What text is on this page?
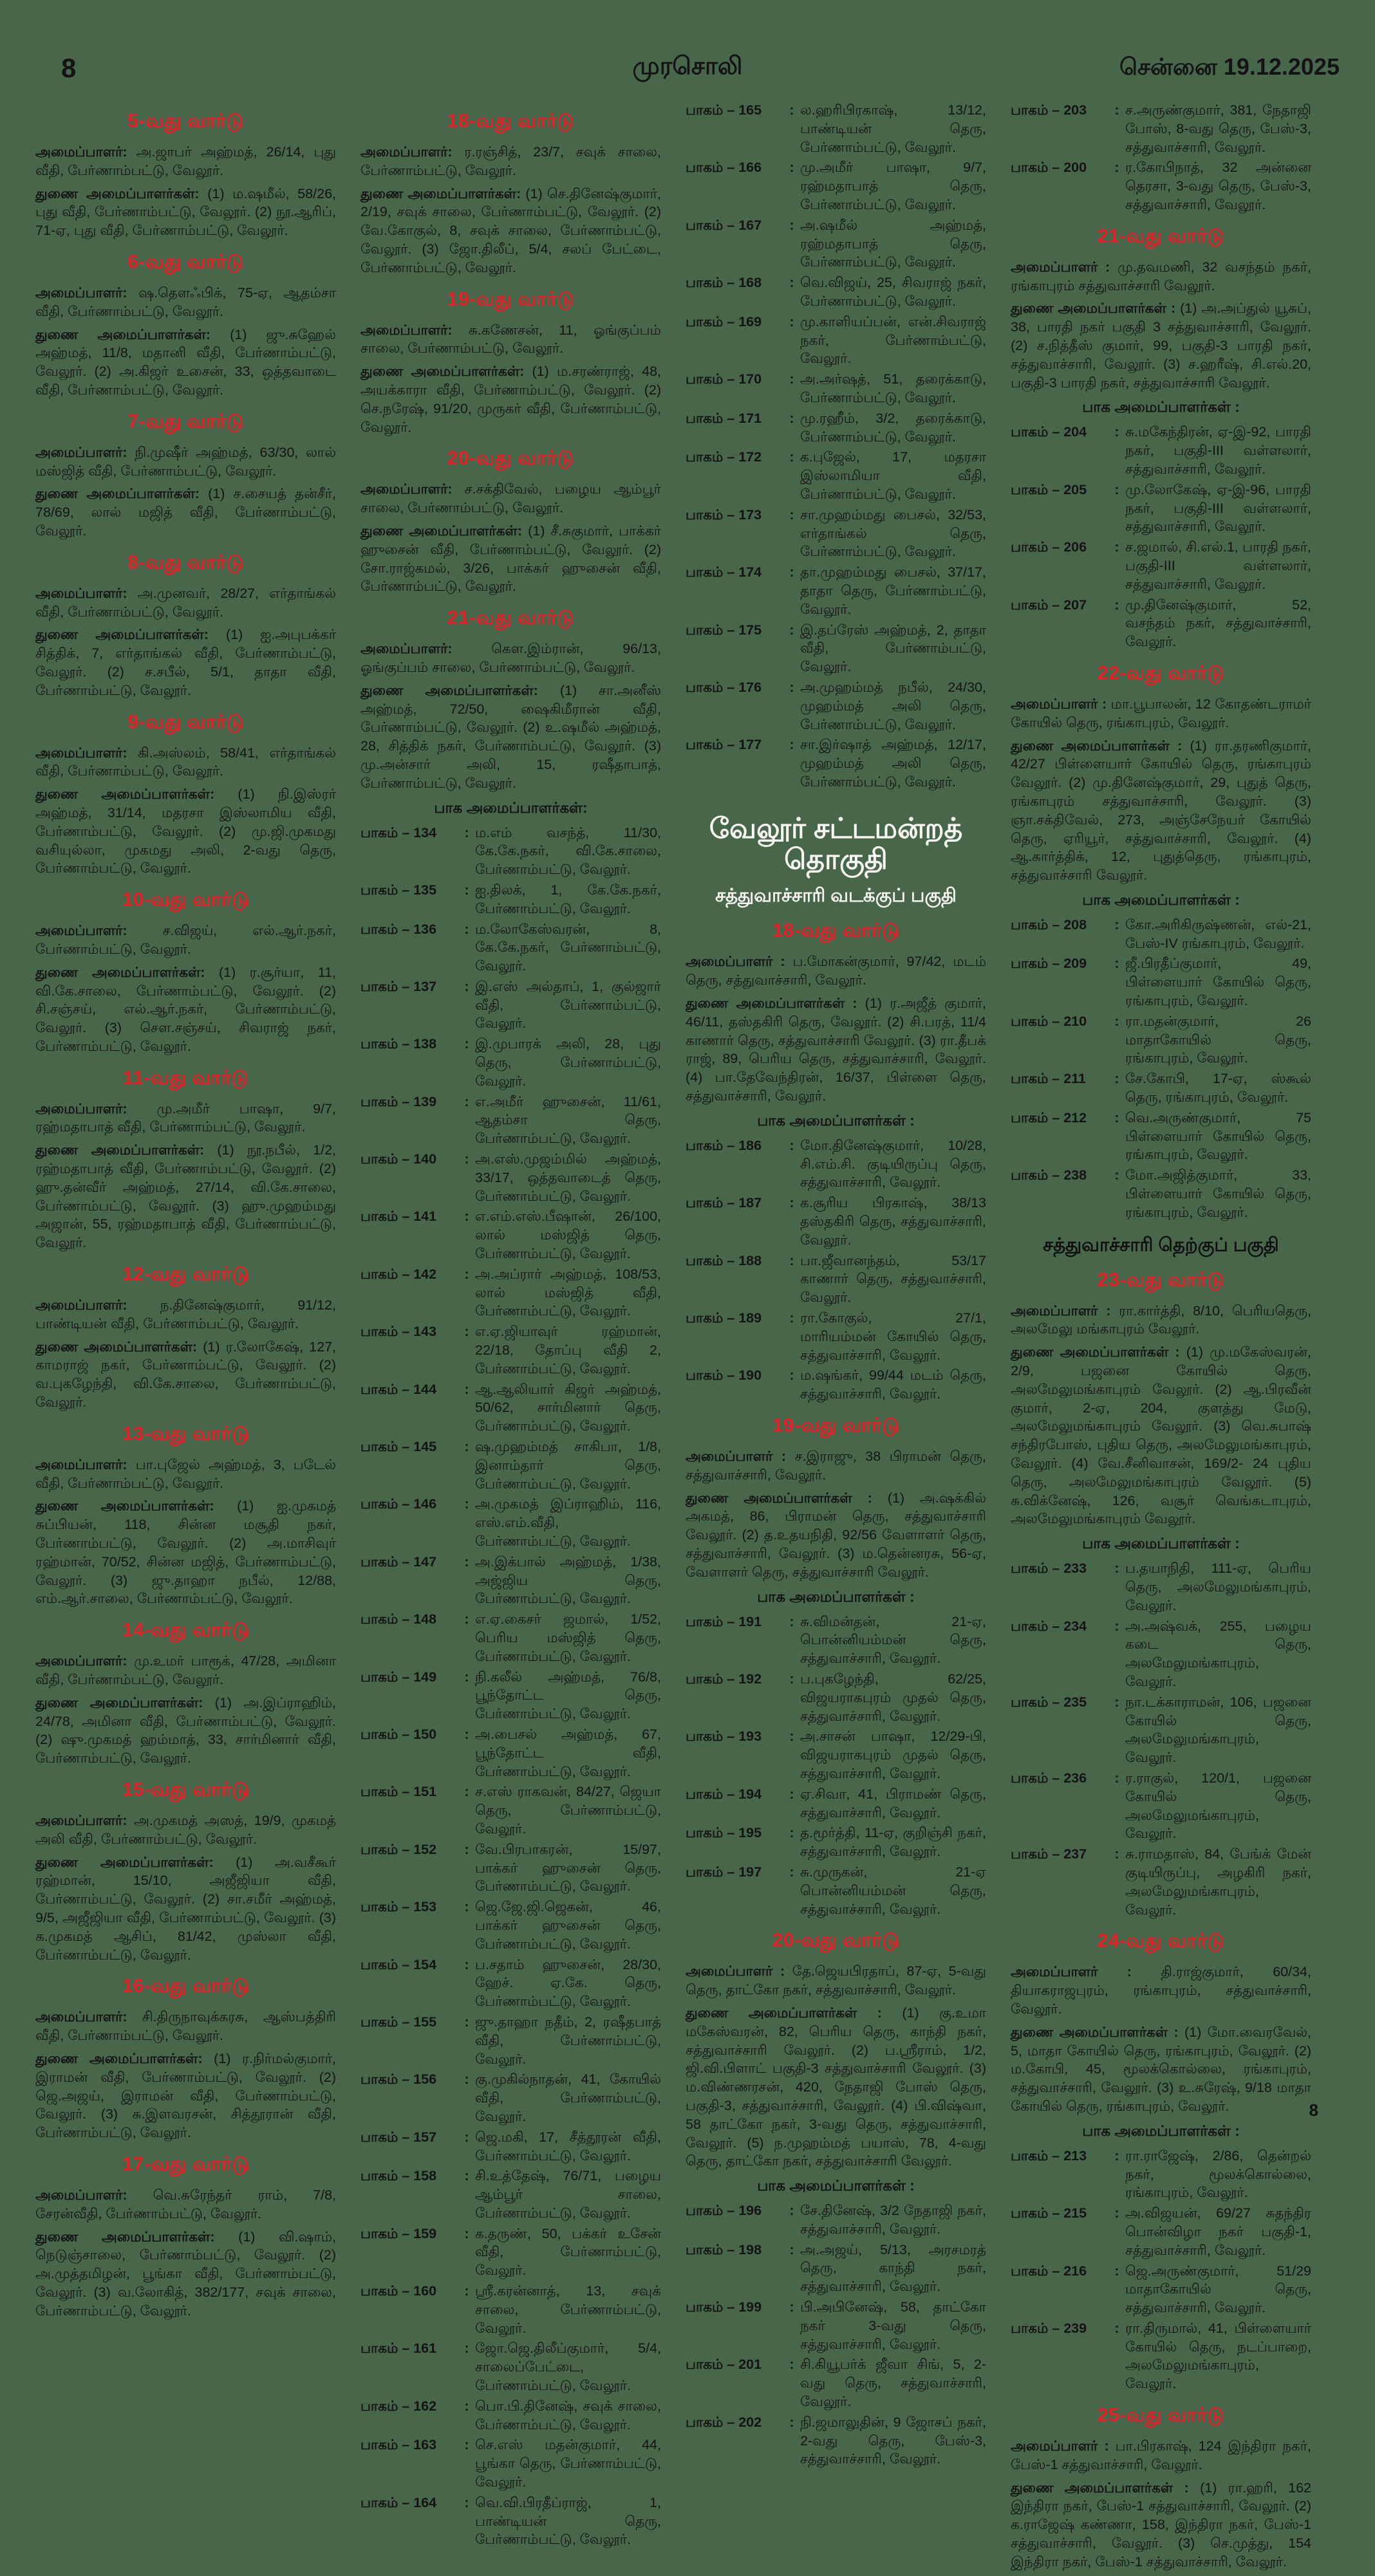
8	முரசொலி	சென்னை 19.12.2025
5-வது வார்டு

அமைப்பாளர்: அ.ஜாபர் அஹ்மத், 26/14, புது வீதி, பேர்ணாம்பட்டு, வேலூர்.

துணை அமைப்பாளர்கள்: (1) ம.ஷமீல், 58/26, புது வீதி, பேர்ணாம்பட்டு, வேலூர். (2) நூ.ஆரிப், 71-ஏ, புது வீதி, பேர்ணாம்பட்டு, வேலூர்.

6-வது வார்டு

அமைப்பாளர்: ஷ.தௌஃபிக், 75-ஏ, ஆதம்சா வீதி, பேர்ணாம்பட்டு, வேலூர்.

துணை அமைப்பாளர்கள்: (1) ஜு.சுஹேல் அஹ்மத், 11/8, மதானி வீதி, பேர்ணாம்பட்டு, வேலூர். (2) அ.கிஜர் உசைன், 33, ஒத்தவாடை வீதி, பேர்ணாம்பட்டு, வேலூர்.

7-வது வார்டு

அமைப்பாளர்: நி.முஷீர் அஹ்மத், 63/30, லால் மஸ்ஜித் வீதி, பேர்ணாம்பட்டு, வேலூர்.

துணை அமைப்பாளர்கள்: (1) ச.சையத் தன்சீர், 78/69, லால் மஜித் வீதி, பேர்ணாம்பட்டு, வேலூர்.

8-வது வார்டு

அமைப்பாளர்: அ.முனவர், 28/27, எர்தாங்கல் வீதி, பேர்ணாம்பட்டு, வேலூர்.

துணை அமைப்பாளர்கள்: (1) ஐ.அபுபக்கர் சித்திக், 7, எர்தாங்கல் வீதி, பேர்ணாம்பட்டு, வேலூர். (2) ச.சபீல், 5/1, தாதா வீதி, பேர்ணாம்பட்டு, வேலூர்.

9-வது வார்டு

அமைப்பாளர்: கி.அஸ்லம், 58/41, எர்தாங்கல் வீதி, பேர்ணாம்பட்டு, வேலூர்.

துணை அமைப்பாளர்கள்: (1) நி.இஸ்ரர் அஹ்மத், 31/14, மதரசா இஸ்லாமிய வீதி, பேர்ணாம்பட்டு, வேலூர். (2) மு.ஜி.முகமது வசியுல்லா, முகமது அலி, 2-வது தெரு, பேர்ணாம்பட்டு, வேலூர்.

10-வது வார்டு

அமைப்பாளர்: ச.விஜய், எல்.ஆர்.நகர், பேர்ணாம்பட்டு, வேலூர்.

துணை அமைப்பாளர்கள்: (1) ர.சூர்யா, 11, வி.கே.சாலை, பேர்ணாம்பட்டு, வேலூர். (2) சி.சஞ்சய், எல்.ஆர்.நகர், பேர்ணாம்பட்டு, வேலூர். (3) செள.சஞ்சய், சிவராஜ் நகர், பேர்ணாம்பட்டு, வேலூர்.

11-வது வார்டு

அமைப்பாளர்: மு.அமீர் பாஷா, 9/7, ரஹ்மதாபாத் வீதி, பேர்ணாம்பட்டு, வேலூர்.

துணை அமைப்பாளர்கள்: (1) நூ.நபீல், 1/2, ரஹ்மதாபாத் வீதி, பேர்ணாம்பட்டு, வேலூர். (2) ஹு.தன்வீர் அஹ்மத், 27/14, வி.கே.சாலை, பேர்ணாம்பட்டு, வேலூர். (3) ஹு.முஹம்மது அஜான், 55, ரஹ்மதாபாத் வீதி, பேர்ணாம்பட்டு, வேலூர்.

12-வது வார்டு

அமைப்பாளர்: ந.தினேஷ்குமார், 91/12, பாண்டியன் வீதி, பேர்ணாம்பட்டு, வேலூர்.

துணை அமைப்பாளர்கள்: (1) ர.லோகேஷ், 127, காமராஜ் நகர், பேர்ணாம்பட்டு, வேலூர். (2) வ.புகழேந்தி, வி.கே.சாலை, பேர்ணாம்பட்டு, வேலூர்.

13-வது வார்டு

அமைப்பாளர்: பா.புஜேல் அஹ்மத், 3, படேல் வீதி, பேர்ணாம்பட்டு, வேலூர்.

துணை அமைப்பாளர்கள்: (1) ஐ.முகமத் சுப்பியன், 118, சின்ன மசூதி நகர், பேர்ணாம்பட்டு, வேலூர். (2) அ.மாசிவுர் ரஹ்மான், 70/52, சின்ன மஜித், பேர்ணாம்பட்டு, வேலூர். (3) ஜு.தாஹா நபீல், 12/88, எம்.ஆர்.சாலை, பேர்ணாம்பட்டு, வேலூர்.

14-வது வார்டு

அமைப்பாளர்: மு.உமர் பாரூக், 47/28, அமினா வீதி, பேர்ணாம்பட்டு, வேலூர்.

துணை அமைப்பாளர்கள்: (1) அ.இப்ராஹிம், 24/78, அமினா வீதி, பேர்ணாம்பட்டு, வேலூர். (2) ஷு.முகமத் ஹம்மாத், 33, சார்மினார் வீதி, பேர்ணாம்பட்டு, வேலூர்.

15-வது வார்டு

அமைப்பாளர்: அ.முகமத் அஸத், 19/9, முகமத் அலி வீதி, பேர்ணாம்பட்டு, வேலூர்.

துணை அமைப்பாளர்கள்: (1) அ.வசீகூர் ரஹ்மான், 15/10, அஜீஜியா வீதி, பேர்ணாம்பட்டு, வேலூர். (2) சா.சமீர் அஹ்மத், 9/5, அஜீஜியா வீதி, பேர்ணாம்பட்டு, வேலூர். (3) க.முகமத் ஆசிப், 81/42, முஸ்லா வீதி, பேர்ணாம்பட்டு, வேலூர்.

16-வது வார்டு

அமைப்பாளர்: சி.திருநாவுக்கரசு, ஆஸ்பத்திரி வீதி, பேர்ணாம்பட்டு, வேலூர்.

துணை அமைப்பாளர்கள்: (1) ர.நிர்மல்குமார், இராமன் வீதி, பேர்ணாம்பட்டு, வேலூர். (2) ஜெ.அஜய், இராமன் வீதி, பேர்ணாம்பட்டு, வேலூர். (3) சு.இளவரசன், சித்தூரான் வீதி, பேர்ணாம்பட்டு, வேலூர்.

17-வது வார்டு

அமைப்பாளர்: வெ.சுரேந்தர் ராம், 7/8, சேரன்வீதி, பேர்ணாம்பட்டு, வேலூர்.

துணை அமைப்பாளர்கள்: (1) வி.ஷாம், நெடுஞ்சாலை, பேர்ணாம்பட்டு, வேலூர். (2) அ.முத்தமிழன், பூங்கா வீதி, பேர்ணாம்பட்டு, வேலூர். (3) வ.லோகித், 382/177, சவுக் சாலை, பேர்ணாம்பட்டு, வேலூர்.

18-வது வார்டு

அமைப்பாளர்: ர.ரஞ்சித், 23/7, சவுக் சாலை, பேர்ணாம்பட்டு, வேலூர்.

துணை அமைப்பாளர்கள்: (1) செ.தினேஷ்குமார், 2/19, சவுக் சாலை, பேர்ணாம்பட்டு, வேலூர். (2) வே.கோகுல், 8, சவுக் சாலை, பேர்ணாம்பட்டு, வேலூர். (3) ஜோ.திலீப், 5/4, சலப் பேட்டை, பேர்ணாம்பட்டு, வேலூர்.

19-வது வார்டு

அமைப்பாளர்: சு.கணேசன், 11, ஓங்குப்பம் சாலை, பேர்ணாம்பட்டு, வேலூர்.

துணை அமைப்பாளர்கள்: (1) ம.சரண்ராஜ், 48, அயக்காரா வீதி, பேர்ணாம்பட்டு, வேலூர். (2) செ.நரேஷ், 91/20, முருகர் வீதி, பேர்ணாம்பட்டு, வேலூர்.

20-வது வார்டு

அமைப்பாளர்: ச.சக்திவேல், பழைய ஆம்பூர் சாலை, பேர்ணாம்பட்டு, வேலூர்.

துணை அமைப்பாளர்கள்: (1) சீ.சுகுமார், பாக்கர் ஹுசைன் வீதி, பேர்ணாம்பட்டு, வேலூர். (2) சோ.ராஜ்கமல், 3/26, பாக்கர் ஹுசைன் வீதி, பேர்ணாம்பட்டு, வேலூர்.

21-வது வார்டு

அமைப்பாளர்: கௌ.இம்ரான், 96/13, ஓங்குப்பம் சாலை, பேர்ணாம்பட்டு, வேலூர்.

துணை அமைப்பாளர்கள்: (1) சா.அனீஸ் அஹ்மத், 72/50, ஷைகிமீரான் வீதி, பேர்ணாம்பட்டு, வேலூர். (2) உ.ஷமீல் அஹ்மத், 28, சித்திக் நகர், பேர்ணாம்பட்டு, வேலூர். (3) மு.அன்சார் அலி, 15, ரஷீதாபாத், பேர்ணாம்பட்டு, வேலூர்.

பாக அமைப்பாளர்கள்:
பாகம் – 134	: ம.எம் வசந்த், 11/30, கே.கே.நகர், வி.கே.சாலை, பேர்ணாம்பட்டு, வேலூர்.
பாகம் – 135	: ஐ.திலக், 1, கே.கே.நகர், பேர்ணாம்பட்டு, வேலூர்.
பாகம் – 136	: ம.லோகேஸ்வரன், 8, கே.கே.நகர், பேர்ணாம்பட்டு, வேலூர்.
பாகம் – 137	: இ.எஸ் அல்தாப், 1, குல்ஜார் வீதி, பேர்ணாம்பட்டு, வேலூர்.
பாகம் – 138	: இ.முபாரக் அலி, 28, புது தெரு, பேர்ணாம்பட்டு, வேலூர்.
பாகம் – 139	: எ.அமீர் ஹுசைன், 11/61, ஆதம்சா தெரு, பேர்ணாம்பட்டு, வேலூர்.
பாகம் – 140	: அ.எஸ்.முஜம்மில் அஹ்மத், 33/17, ஒத்தவாடைத் தெரு, பேர்ணாம்பட்டு, வேலூர்.
பாகம் – 141	: எ.எம்.எஸ்.பீஷான், 26/100, லால் மஸ்ஜித் தெரு, பேர்ணாம்பட்டு, வேலூர்.
பாகம் – 142	: அ.அப்ரார் அஹ்மத், 108/53, லால் மஸ்ஜித் வீதி, பேர்ணாம்பட்டு, வேலூர்.
பாகம் – 143	: எ.ஏ.ஜியாவுர் ரஹ்மான், 22/18, தோப்பு வீதி 2, பேர்ணாம்பட்டு, வேலூர்.
பாகம் – 144	: ஆ.ஆலியார் கிஜர் அஹ்மத், 50/62, சார்மினார் தெரு, பேர்ணாம்பட்டு, வேலூர்.
பாகம் – 145	: ஷ.முஹம்மத் சாகிபா, 1/8, இனாம்தார் தெரு, பேர்ணாம்பட்டு, வேலூர்.
பாகம் – 146	: அ.முகமத் இப்ராஹிம், 116, எஸ்.எம்.வீதி, பேர்ணாம்பட்டு, வேலூர்.
பாகம் – 147	: அ.இக்பால் அஹ்மத், 1/38, அஜ்ஜிய தெரு, பேர்ணாம்பட்டு, வேலூர்.
பாகம் – 148	: எ.ஏ.கைசர் ஜமால், 1/52, பெரிய மஸ்ஜித் தெரு, பேர்ணாம்பட்டு, வேலூர்.
பாகம் – 149	: நி.கலீல் அஹ்மத், 76/8, பூந்தோட்ட தெரு, பேர்ணாம்பட்டு, வேலூர்.
பாகம் – 150	: அ.பைசல் அஹ்மத், 67, பூந்தோட்ட வீதி, பேர்ணாம்பட்டு, வேலூர்.
பாகம் – 151	: ச.எஸ் ராகவன், 84/27, ஜெயா தெரு, பேர்ணாம்பட்டு, வேலூர்.
பாகம் – 152	: வே.பிரபாகரன், 15/97, பாக்கர் ஹுசைன் தெரு, பேர்ணாம்பட்டு, வேலூர்.
பாகம் – 153	: ஜெ.ஜே.ஜி.ஜெகன், 46, பாக்கர் ஹுசைன் தெரு, பேர்ணாம்பட்டு, வேலூர்.
பாகம் – 154	: ப.சதாம் ஹுசைன், 28/30, ஹேச். ஏ.கே. தெரு, பேர்ணாம்பட்டு, வேலூர்.
பாகம் – 155	: ஜு.தாஹா நதீம், 2, ரஷீதபாத் வீதி, பேர்ணாம்பட்டு, வேலூர்.
பாகம் – 156	: கு.முகில்நாதன், 41, கோயில் வீதி, பேர்ணாம்பட்டு, வேலூர்.
பாகம் – 157	: ஜெ.மகி, 17, சீத்தூரன் வீதி, பேர்ணாம்பட்டு, வேலூர்.
பாகம் – 158	: சி.உத்தேஷ், 76/71, பழைய ஆம்பூர் சாலை, பேர்ணாம்பட்டு, வேலூர்.
பாகம் – 159	: க.தருண், 50, பக்கர் உசேன் வீதி, பேர்ணாம்பட்டு, வேலூர்.
பாகம் – 160	: ஸ்ரீ.கரன்னாத், 13, சவுக் சாலை, பேர்ணாம்பட்டு, வேலூர்.
பாகம் – 161	: ஜோ.ஜெ.திலீப்குமார், 5/4, சாலைப்பேட்டை, பேர்ணாம்பட்டு, வேலூர்.
பாகம் – 162	: பொ.பி.தினேஷ், சவுக் சாலை, பேர்ணாம்பட்டு, வேலூர்.
பாகம் – 163	: செ.எஸ் மதன்குமார், 44, பூங்கா தெரு, பேர்ணாம்பட்டு, வேலூர்.
பாகம் – 164	: வெ.வி.பிரதீப்ராஜ், 1, பாண்டியன் தெரு, பேர்ணாம்பட்டு, வேலூர்.
பாகம் – 165	: ல.ஹரிபிரகாஷ், 13/12, பாண்டியன் தெரு, பேர்ணாம்பட்டு, வேலூர்.
பாகம் – 166	: மு.அமீர் பாஷா, 9/7, ரஹ்மதாபாத் தெரு, பேர்ணாம்பட்டு, வேலூர்.
பாகம் – 167	: அ.ஷமீல் அஹ்மத், ரஹ்மதாபாத் தெரு, பேர்ணாம்பட்டு, வேலூர்.
பாகம் – 168	: வெ.விஜய், 25, சிவராஜ் நகர், பேர்ணாம்பட்டு, வேலூர்.
பாகம் – 169	: மு.காளியப்பன், என்.சிவராஜ் நகர், பேர்ணாம்பட்டு, வேலூர்.
பாகம் – 170	: அ.அர்ஷத், 51, தரைக்காடு, பேர்ணாம்பட்டு, வேலூர்.
பாகம் – 171	: மு.ரஹீம், 3/2, தரைக்காடு, பேர்ணாம்பட்டு, வேலூர்.
பாகம் – 172	: க.புஜேல், 17, மதரசா இஸ்லாமியா வீதி, பேர்ணாம்பட்டு, வேலூர்.
பாகம் – 173	: சா.முஹம்மது பைசல், 32/53, எர்தாங்கல் தெரு, பேர்ணாம்பட்டு, வேலூர்.
பாகம் – 174	: தா.முஹம்மது பைசல், 37/17, தாதா தெரு, பேர்ணாம்பட்டு, வேலூர்.
பாகம் – 175	: இ.தப்ரேஸ் அஹ்மத், 2, தாதா வீதி, பேர்ணாம்பட்டு, வேலூர்.
பாகம் – 176	: அ.முஹம்மத் நபீல், 24/30, முஹம்மத் அலி தெரு, பேர்ணாம்பட்டு, வேலூர்.
பாகம் – 177	: சா.இர்ஷாத் அஹ்மத், 12/17, முஹம்மத் அலி தெரு, பேர்ணாம்பட்டு, வேலூர்.
வேலூர் சட்டமன்றத் தொகுதி
சத்துவாச்சாரி வடக்குப் பகுதி
18-வது வார்டு

அமைப்பாளர் : ப.மோகன்குமார், 97/42, மடம் தெரு, சத்துவாச்சாரி, வேலூர்.

துணை அமைப்பாளர்கள் : (1) ர.அஜீத் குமார், 46/11, தஸ்தகிரி தெரு, வேலூர். (2) சி.பரத், 11/4 காணார் தெரு, சத்துவாச்சாரி வேலூர். (3) ரா.தீபக் ராஜ், 89, பெரிய தெரு, சத்துவாச்சாரி, வேலூர். (4) பா.தேவேந்திரன், 16/37, பிள்ளை தெரு, சத்துவாச்சாரி, வேலூர்.

பாக அமைப்பாளர்கள் :
பாகம் – 186	: மோ.தினேஷ்குமார், 10/28, சி.எம்.சி. குடியிருப்பு தெரு, சத்துவாச்சாரி, வேலூர்.
பாகம் – 187	: க.சூரிய பிரகாஷ், 38/13 தஸ்தகிரி தெரு, சத்துவாச்சாரி, வேலூர்.
பாகம் – 188	: பா.ஜீவானந்தம், 53/17 காணார் தெரு, சத்துவாச்சாரி, வேலூர்.
பாகம் – 189	: ரா.கோகுல், 27/1, மாரியம்மன் கோயில் தெரு, சத்துவாச்சாரி, வேலூர்.
பாகம் – 190	: ம.ஷங்கர், 99/44 மடம் தெரு, சத்துவாச்சாரி, வேலூர்.
19-வது வார்டு

அமைப்பாளர் : ச.இராஜு, 38 பிராமன் தெரு, சத்துவாச்சாரி, வேலூர்.

துணை அமைப்பாளர்கள் : (1) அ.ஷக்கில் அகமத், 86, பிராமன் தெரு, சத்துவாச்சாரி வேலூர். (2) த.உதயநிதி, 92/56 வேளாளர் தெரு, சத்துவாச்சாரி, வேலூர். (3) ம.தென்னரசு, 56-ஏ, வேளாளர் தெரு, சத்துவாச்சாரி வேலூர்.

பாக அமைப்பாளர்கள் :
பாகம் – 191	: சு.விமன்தன், 21-ஏ, பொன்னியம்மன் தெரு, சத்துவாச்சாரி, வேலூர்.
பாகம் – 192	: ப.புகழேந்தி, 62/25, விஜயராகபுரம் முதல் தெரு, சத்துவாச்சாரி, வேலூர்.
பாகம் – 193	: அ.சாசன் பாஷா, 12/29-பி, விஜயராகபுரம் முதல் தெரு, சத்துவாச்சாரி, வேலூர்.
பாகம் – 194	: ஏ.சிவா, 41, பிராமண் தெரு, சத்துவாச்சாரி, வேலூர்.
பாகம் – 195	: த.மூர்த்தி, 11-ஏ, குறிஞ்சி நகர், சத்துவாச்சாரி, வேலூர்.
பாகம் – 197	: சு.முருகன், 21-ஏ பொன்னியம்மன் தெரு, சத்துவாச்சாரி, வேலூர்.
20-வது வார்டு

அமைப்பாளர் : தே.ஜெயபிரதாப், 87-ஏ, 5-வது தெரு, தாட்கோ நகர், சத்துவாச்சாரி, வேலூர்.

துணை அமைப்பாளர்கள் : (1) கு.உமா மகேஸ்வரன், 82, பெரிய தெரு, காந்தி நகர், சத்துவாச்சாரி வேலூர். (2) ப.ஸ்ரீராம், 1/2, ஜி.வி.பிளாட் பகுதி-3 சத்துவாச்சாரி வேலூர். (3) ம.விண்ணரசன், 420, நேதாஜி போஸ் தெரு, பகுதி-3, சத்துவாச்சாரி, வேலூர். (4) பி.விஷ்வா, 58 தாட்கோ நகர், 3-வது தெரு, சத்துவாச்சாரி, வேலூர். (5) ந.முஹம்மத் பயாஸ், 78, 4-வது தெரு, தாட்கோ நகர், சத்துவாச்சாரி வேலூர்.

பாக அமைப்பாளர்கள் :
பாகம் – 196	: சே.தினேஷ், 3/2 நேதாஜி நகர், சத்துவாச்சாரி, வேலூர்.
பாகம் – 198	: அ.அஜய், 5/13, அரசமரத் தெரு, காந்தி நகர், சத்துவாச்சாரி, வேலூர்.
பாகம் – 199	: பி.அபினேஷ், 58, தாட்கோ நகர் 3-வது தெரு, சத்துவாச்சாரி, வேலூர்.
பாகம் – 201	: சி.கியூபர்க் ஜீவா சிங், 5, 2-வது தெரு, சத்துவாச்சாரி, வேலூர்.
பாகம் – 202	: நி.ஜமாலுதின், 9 ஜோசப் நகர், 2-வது தெரு, பேஸ்-3, சத்துவாச்சாரி, வேலூர்.
பாகம் – 203	: ச.அருண்குமார், 381, நேதாஜி போஸ், 8-வது தெரு, பேஸ்-3, சத்துவாச்சாரி, வேலூர்.
பாகம் – 200	: ர.கோபிநாத், 32 அன்னை தெரசா, 3-வது தெரு, பேஸ்-3, சத்துவாச்சாரி, வேலூர்.
21-வது வார்டு

அமைப்பாளர் : மு.தவமணி, 32 வசந்தம் நகர், ரங்காபுரம் சத்துவாச்சாரி வேலூர்.

துணை அமைப்பாளர்கள் : (1) அ.அப்துல் யூசுப், 38, பாரதி நகர் பகுதி 3 சத்துவாச்சாரி, வேலூர். (2) ச.நித்தீஸ் குமார், 99, பகுதி-3 பாரதி நகர், சத்துவாச்சாரி, வேலூர். (3) ச.ஹரீஷ், சி.எல்.20, பகுதி-3 பாரதி நகர், சத்துவாச்சாரி வேலூர்.

பாக அமைப்பாளர்கள் :
பாகம் – 204	: சு.மகேந்திரன், ஏ-இ-92, பாரதி நகர், பகுதி-III வள்ளலார், சத்துவாச்சாரி, வேலூர்.
பாகம் – 205	: மு.லோகேஷ், ஏ-இ-96, பாரதி நகர், பகுதி-III வள்ளலார், சத்துவாச்சாரி, வேலூர்.
பாகம் – 206	: ச.ஜமால், சி.எல்.1, பாரதி நகர், பகுதி-III வள்ளலார், சத்துவாச்சாரி, வேலூர்.
பாகம் – 207	: மு.தினேஷ்குமார், 52, வசந்தம் நகர், சத்துவாச்சாரி, வேலூர்.
22-வது வார்டு

அமைப்பாளர் : மா.பூபாலன், 12 கோதண்டராமர் கோயில் தெரு, ரங்காபுரம், வேலூர்.

துணை அமைப்பாளர்கள் : (1) ரா.தரணிகுமார், 42/27 பிள்ளையார் கோயில் தெரு, ரங்காபுரம் வேலூர். (2) மு.தினேஷ்குமார், 29, புதுத் தெரு, ரங்காபுரம் சத்துவாச்சாரி, வேலூர். (3) ஞா.சக்திவேல், 273, அஞ்சேநேயர் கோயில் தெரு, ஏரியூர், சத்துவாச்சாரி, வேலூர். (4) ஆ.கார்த்திக், 12, புதுத்தெரு, ரங்காபுரம், சத்துவாச்சாரி வேலூர்.

பாக அமைப்பாளர்கள் :
பாகம் – 208	: கோ.அரிகிருஷ்ணன், எல்-21, பேஸ்-IV ரங்காபுரம், வேலூர்.
பாகம் – 209	: ஜீ.பிரதீப்குமார், 49, பிள்ளையார் கோயில் தெரு, ரங்காபுரம், வேலூர்.
பாகம் – 210	: ரா.மதன்குமார், 26 மாதாகோயில் தெரு, ரங்காபுரம், வேலூர்.
பாகம் – 211	: சே.கோபி, 17-ஏ, ஸ்கூல் தெரு, ரங்காபுரம், வேலூர்.
பாகம் – 212	: வெ.அருண்குமார், 75 பிள்ளையார் கோயில் தெரு, ரங்காபுரம், வேலூர்.
பாகம் – 238	: மோ.அஜித்குமார், 33, பிள்ளையார் கோயில் தெரு, ரங்காபுரம், வேலூர்.
சத்துவாச்சாரி தெற்குப் பகுதி
23-வது வார்டு

அமைப்பாளர் : ரா.கார்த்தி, 8/10, பெரியதெரு, அலமேலு மங்காபுரம் வேலூர்.

துணை அமைப்பாளர்கள் : (1) மு.மகேஸ்வரன், 2/9, பஜனை கோயில் தெரு, அலமேலுமங்காபுரம் வேலூர். (2) ஆ.பிரவீன் குமார், 2-ஏ, 204, குளத்து மேடு, அலமேலுமங்காபுரம் வேலூர். (3) வெ.சுபாஷ் சந்திரபோஸ், புதிய தெரு, அலமேலுமங்காபுரம், வேலூர். (4) வே.சீனிவாசன், 169/2- 24 புதிய தெரு, அலமேலுமங்காபுரம் வேலூர். (5) சு.விக்னேஷ், 126, வசூர் வெங்கடாபுரம், அலமேலுமங்காபுரம் வேலூர்.

பாக அமைப்பாளர்கள் :
பாகம் – 233	: ப.தயாநிதி, 111-ஏ, பெரிய தெரு, அலமேலுமங்காபுரம், வேலூர்.
பாகம் – 234	: அ.அஷ்வக், 255, பழைய கடை தெரு, அலமேலுமங்காபுரம், வேலூர்.
பாகம் – 235	: நா.டக்காராமன், 106, பஜனை கோயில் தெரு, அலமேலுமங்காபுரம், வேலூர்.
பாகம் – 236	: ர.ராகுல், 120/1, பஜனை கோயில் தெரு, அலமேலுமங்காபுரம், வேலூர்.
பாகம் – 237	: சு.ராமதாஸ், 84, பேங்க் மேன் குடியிருப்பு, அழகிரி நகர், அலமேலுமங்காபுரம், வேலூர்.
24-வது வார்டு

அமைப்பாளர் : தி.ராஜ்குமார், 60/34, தியாகராஜபுரம், ரங்காபுரம், சத்துவாச்சாரி, வேலூர்.

துணை அமைப்பாளர்கள் : (1) மோ.வைரவேல், 5, மாதா கோயில் தெரு, ரங்காபுரம், வேலூர். (2) ம.கோபி, 45, மூலக்கொல்லை, ரங்காபுரம், சத்துவாச்சாரி, வேலூர். (3) உ.சுரேஷ், 9/18 மாதா கோயில் தெரு, ரங்காபுரம், வேலூர்.

பாக அமைப்பாளர்கள் :
பாகம் – 213	: ரா.ராஜேஷ், 2/86, தென்றல் நகர், மூலக்கொல்லை, ரங்காபுரம், வேலூர்.
பாகம் – 215	: அ.விஜயன், 69/27 சுதந்திர பொன்விழா நகர் பகுதி-1, சத்துவாச்சாரி, வேலூர்.
பாகம் – 216	: ஜெ.அருண்குமார், 51/29 மாதாகோயில் தெரு, சத்துவாச்சாரி, வேலூர்.
பாகம் – 239	: ரா.திருமால், 41, பிள்ளையார் கோயில் தெரு, நடப்பாறை, அலமேலுமங்காபுரம், வேலூர்.
25-வது வார்டு

அமைப்பாளர் : பா.பிரகாஷ், 124 இந்திரா நகர், பேஸ்-1 சத்துவாச்சாரி, வேலூர்.

துணை அமைப்பாளர்கள் : (1) ரா.ஹரி, 162 இந்திரா நகர், பேஸ்-1 சத்துவாச்சாரி, வேலூர். (2) க.ராஜேஷ் கண்ணா, 158, இந்திரா நகர், பேஸ்-1 சத்துவாச்சாரி, வேலூர். (3) செ.முத்து, 154 இந்திரா நகர், பேஸ்-1 சத்துவாச்சாரி, வேலூர்.

8
